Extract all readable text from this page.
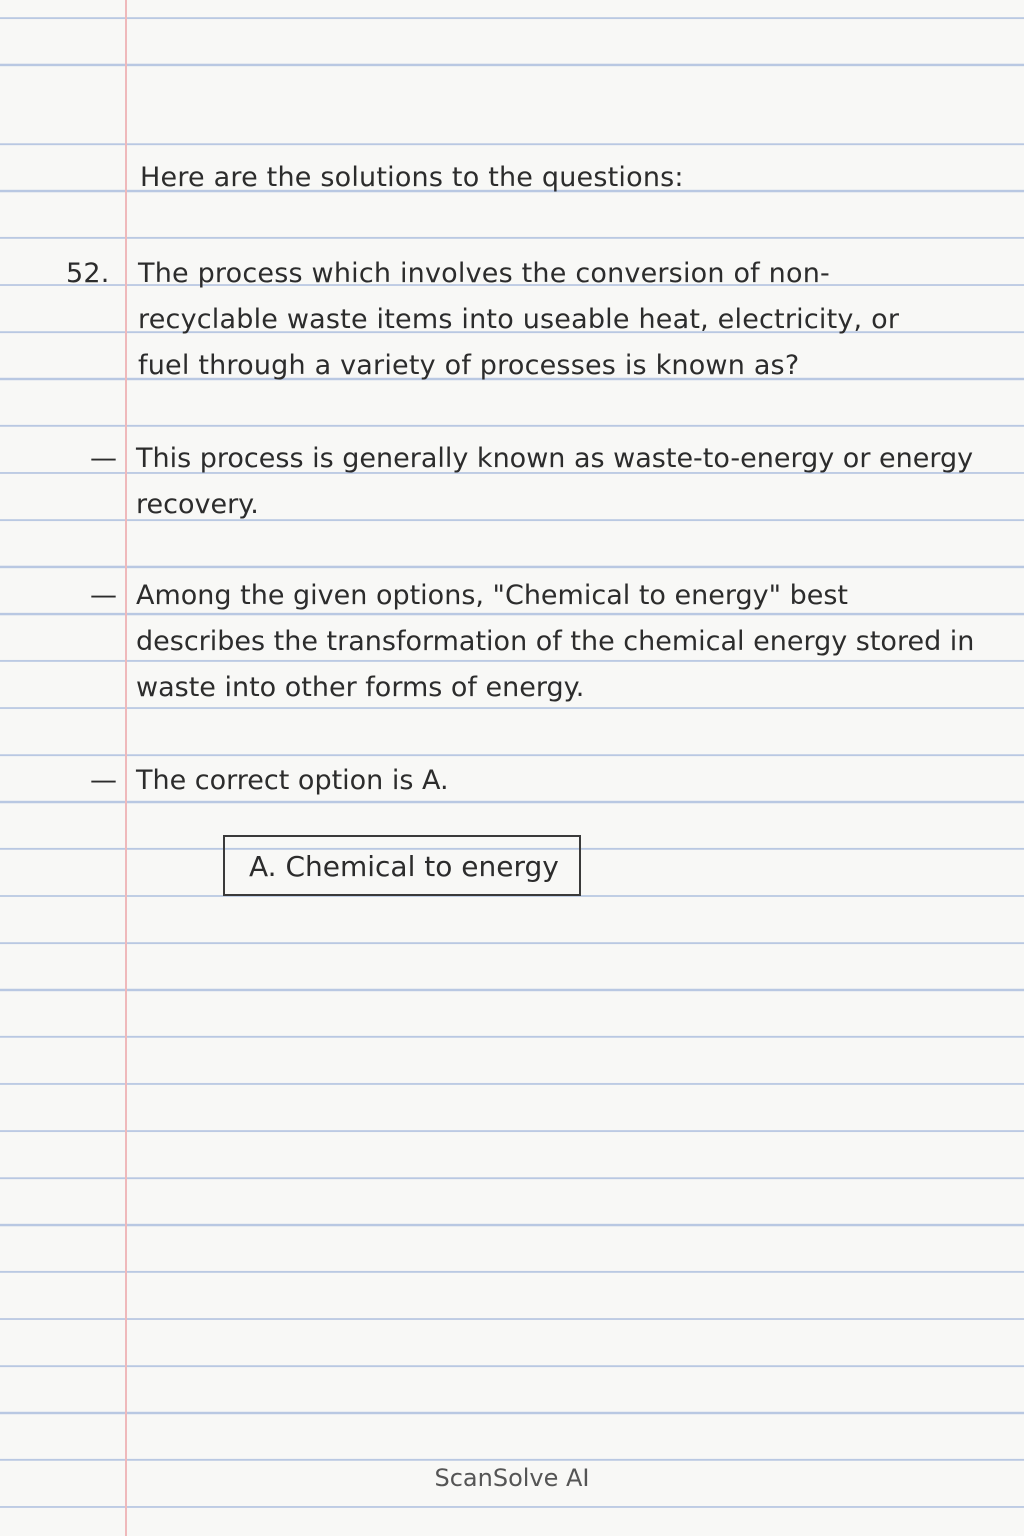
Here are the solutions to the questions:
52. The process which involves the conversion of non-recyclable waste items into useable heat, electricity, or fuel through a variety of processes is known as?
— This process is generally known as waste-to-energy or energy recovery.
— Among the given options, "Chemical to energy" best describes the transformation of the chemical energy stored in waste into other forms of energy.
— The correct option is A.
A. Chemical to energy
ScanSolve AI
